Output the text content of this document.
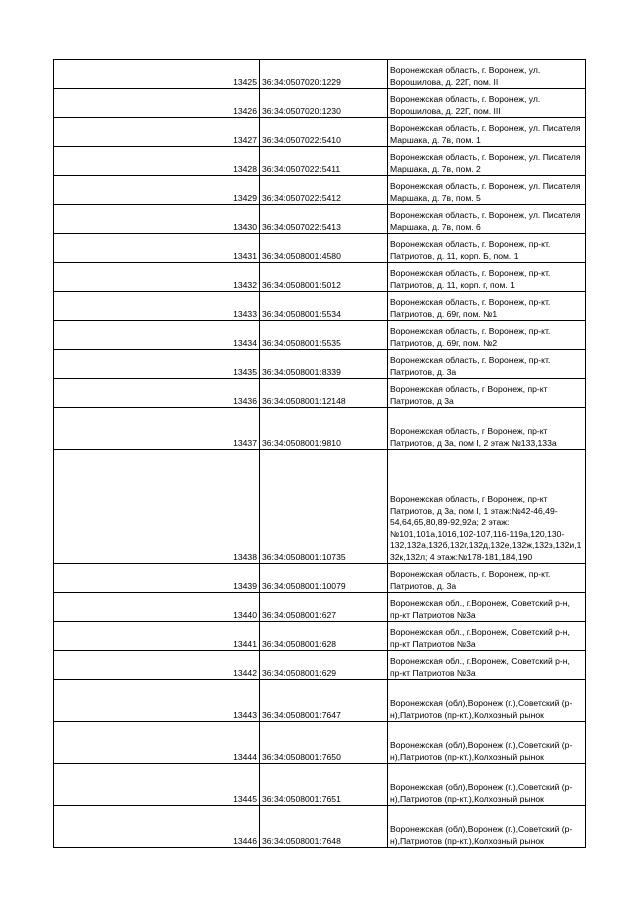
13425	36:34:0507020:1229	Воронежская область, г. Воронеж, ул. Ворошилова, д. 22Г, пом. II
13426	36:34:0507020:1230	Воронежская область, г. Воронеж, ул. Ворошилова, д. 22Г, пом. III
13427	36:34:0507022:5410	Воронежская область, г. Воронеж, ул. Писателя Маршака, д. 7в, пом. 1
13428	36:34:0507022:5411	Воронежская область, г. Воронеж, ул. Писателя Маршака, д. 7в, пом. 2
13429	36:34:0507022:5412	Воронежская область, г. Воронеж, ул. Писателя Маршака, д. 7в, пом. 5
13430	36:34:0507022:5413	Воронежская область, г. Воронеж, ул. Писателя Маршака, д. 7в, пом. 6
13431	36:34:0508001:4580	Воронежская область, г. Воронеж, пр-кт. Патриотов, д. 11, корп. Б, пом. 1
13432	36:34:0508001:5012	Воронежская область, г. Воронеж, пр-кт. Патриотов, д. 11, корп. г, пом. 1
13433	36:34:0508001:5534	Воронежская область, г. Воронеж, пр-кт. Патриотов, д. 69г, пом. №1
13434	36:34:0508001:5535	Воронежская область, г. Воронеж, пр-кт. Патриотов, д. 69г, пом. №2
13435	36:34:0508001:8339	Воронежская область, г. Воронеж, пр-кт. Патриотов, д. 3а
13436	36:34:0508001:12148	Воронежская область, г Воронеж, пр-кт Патриотов, д 3а
13437	36:34:0508001:9810	Воронежская область, г Воронеж, пр-кт Патриотов, д 3а, пом I, 2 этаж №133,133а
13438	36:34:0508001:10735	Воронежская область, г Воронеж, пр-кт Патриотов, д 3а, пом I, 1 этаж:№42-46,49-54,64,65,80,89-92,92а; 2 этаж:№101,101а,1016,102-107,116-119а,120,130-132,132а,132б,132г,132д,132е,132ж,132з,132и,132к,132л; 4 этаж:№178-181,184,190
13439	36:34:0508001:10079	Воронежская область, г. Воронеж, пр-кт. Патриотов, д. 3а
13440	36:34:0508001:627	Воронежская обл., г.Воронеж, Советский р-н, пр-кт Патриотов №3а
13441	36:34:0508001:628	Воронежская обл., г.Воронеж, Советский р-н, пр-кт Патриотов №3а
13442	36:34:0508001:629	Воронежская обл., г.Воронеж, Советский р-н, пр-кт Патриотов №3а
13443	36:34:0508001:7647	Воронежская (обл),Воронеж (г.),Советский (р-н),Патриотов (пр-кт.),Колхозный рынок
13444	36:34:0508001:7650	Воронежская (обл),Воронеж (г.),Советский (р-н),Патриотов (пр-кт.),Колхозный рынок
13445	36:34:0508001:7651	Воронежская (обл),Воронеж (г.),Советский (р-н),Патриотов (пр-кт.),Колхозный рынок
13446	36:34:0508001:7648	Воронежская (обл),Воронеж (г.),Советский (р-н),Патриотов (пр-кт.),Колхозный рынок
